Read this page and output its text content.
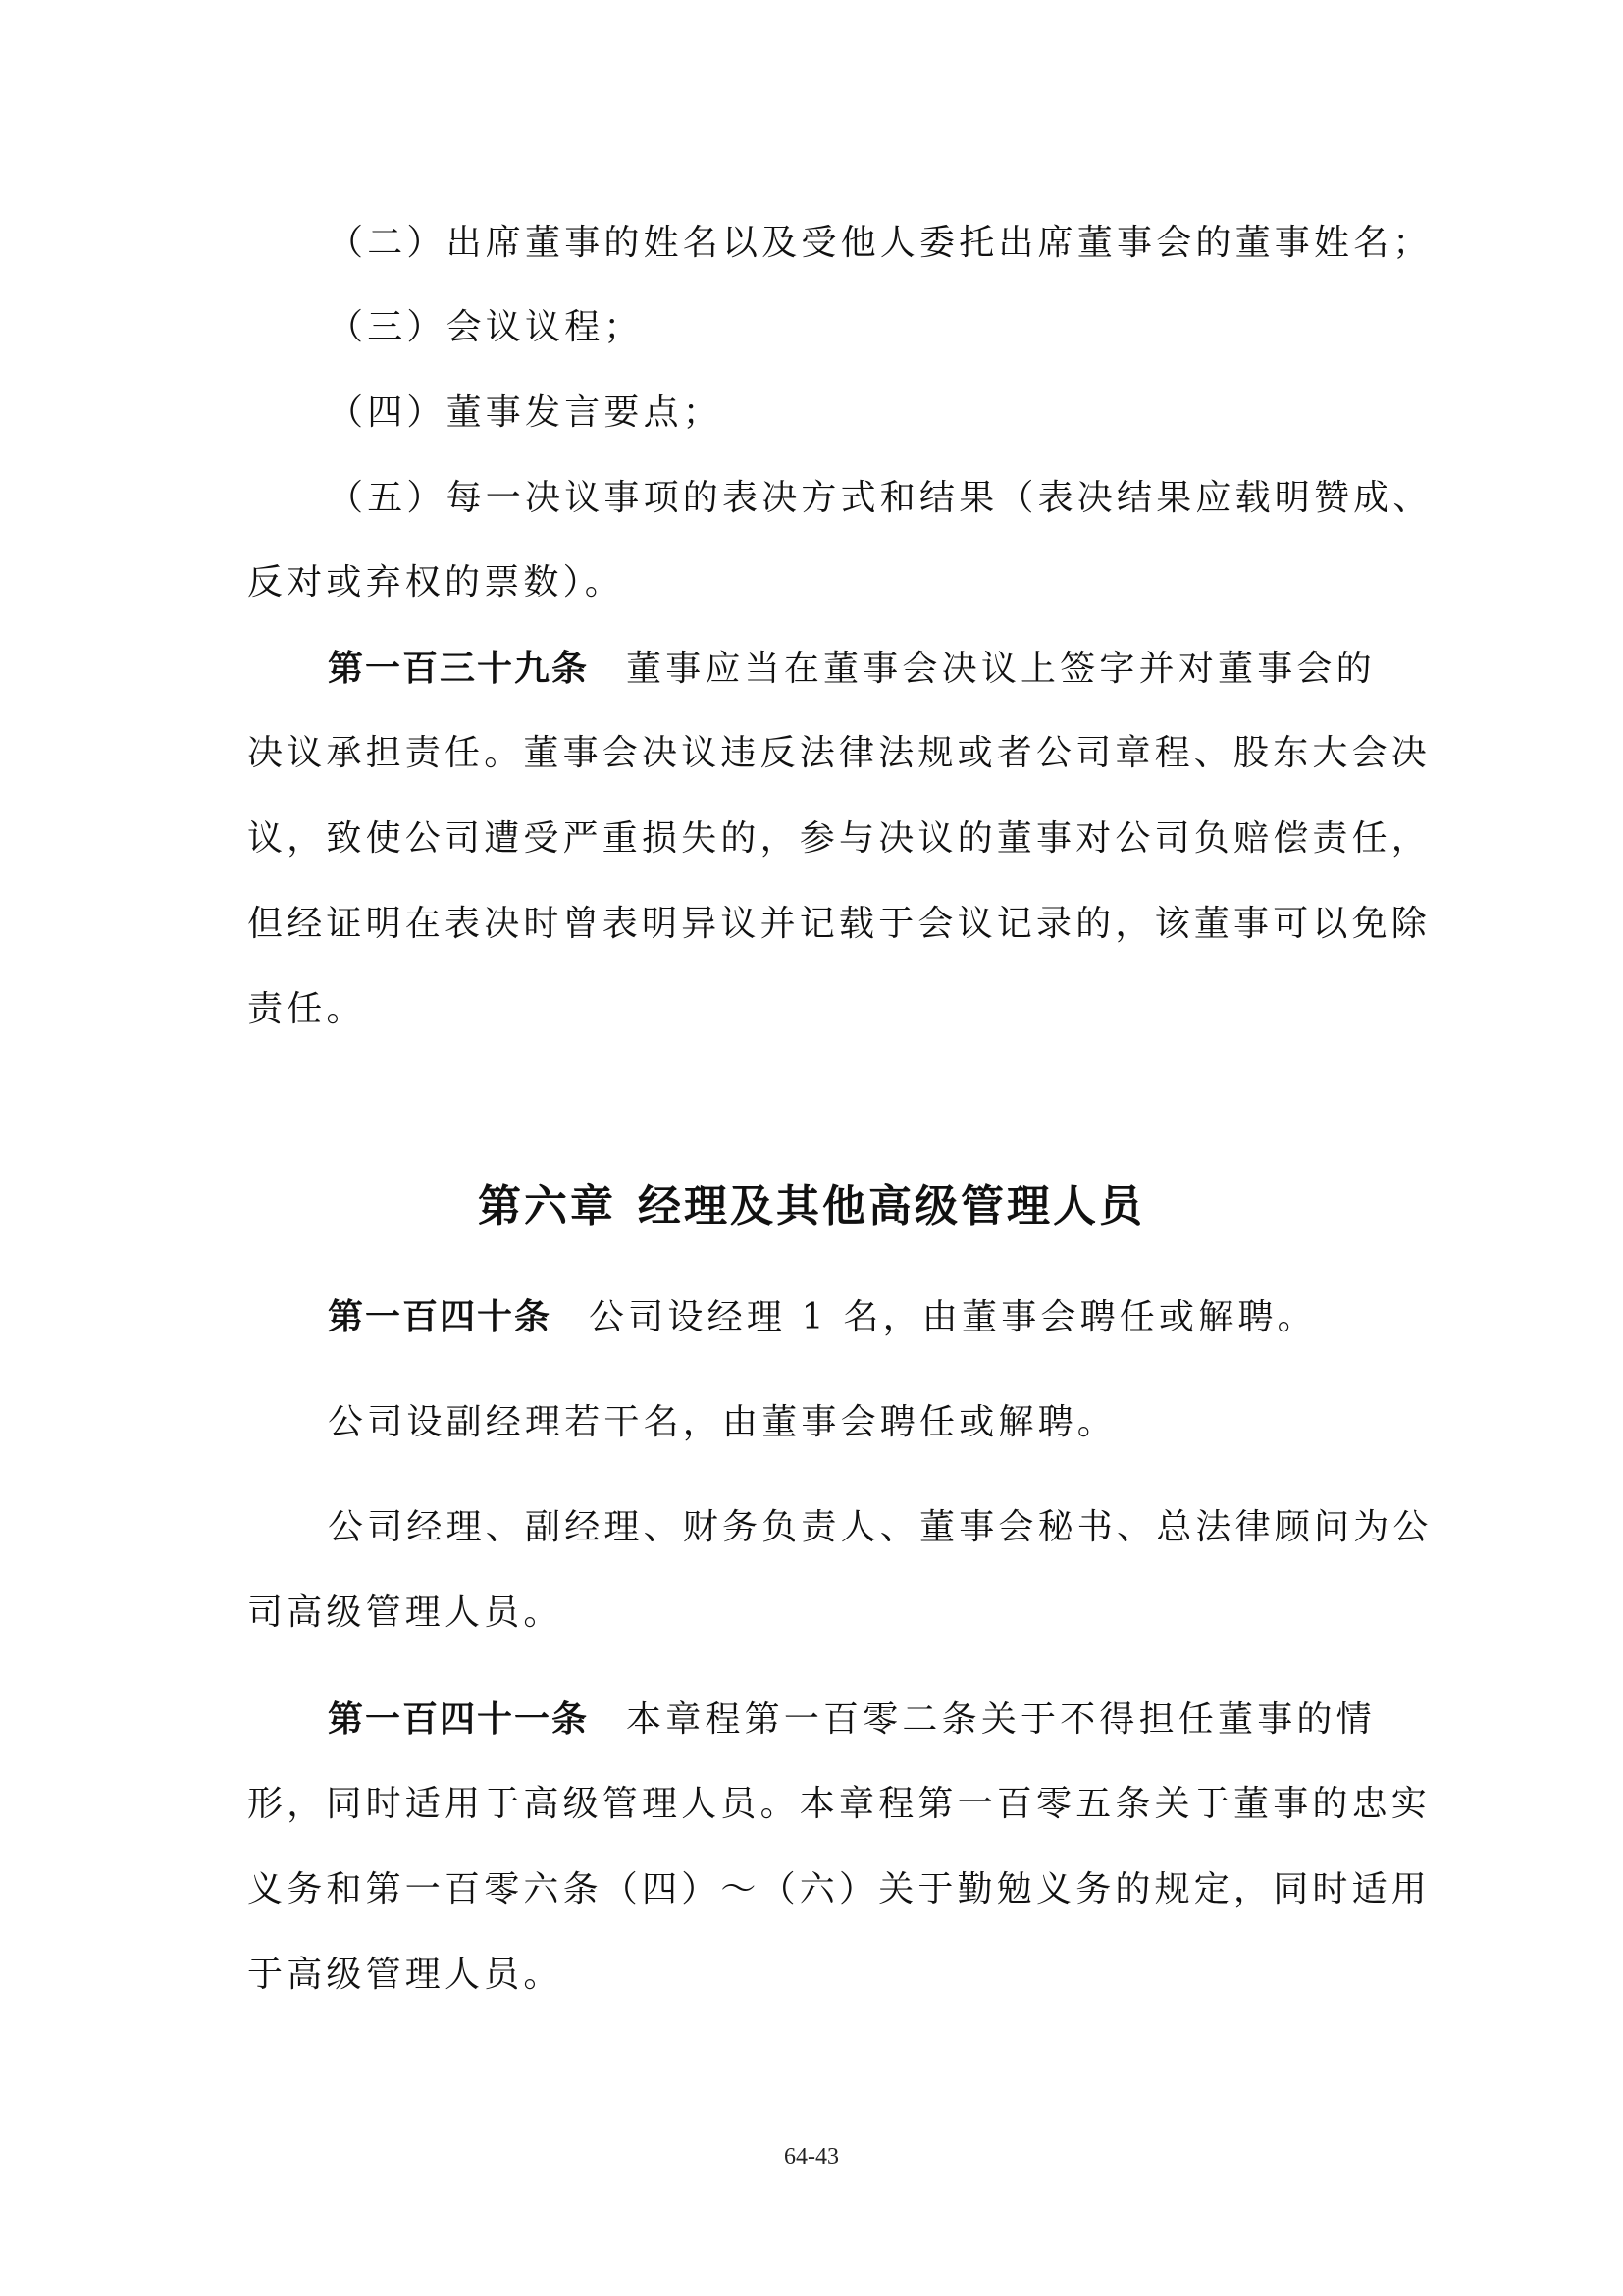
（二）出席董事的姓名以及受他人委托出席董事会的董事姓名；

（三）会议议程；

（四）董事发言要点；

（五）每一决议事项的表决方式和结果（表决结果应载明赞成、

反对或弃权的票数）。

第一百三十九条 董事应当在董事会决议上签字并对董事会的

决议承担责任。董事会决议违反法律法规或者公司章程、股东大会决

议，致使公司遭受严重损失的，参与决议的董事对公司负赔偿责任，

但经证明在表决时曾表明异议并记载于会议记录的，该董事可以免除

责任。

第六章 经理及其他高级管理人员

第一百四十条 公司设经理 1 名，由董事会聘任或解聘。

公司设副经理若干名，由董事会聘任或解聘。

公司经理、副经理、财务负责人、董事会秘书、总法律顾问为公

司高级管理人员。

第一百四十一条 本章程第一百零二条关于不得担任董事的情

形，同时适用于高级管理人员。本章程第一百零五条关于董事的忠实

义务和第一百零六条（四）～（六）关于勤勉义务的规定，同时适用

于高级管理人员。

64-43
